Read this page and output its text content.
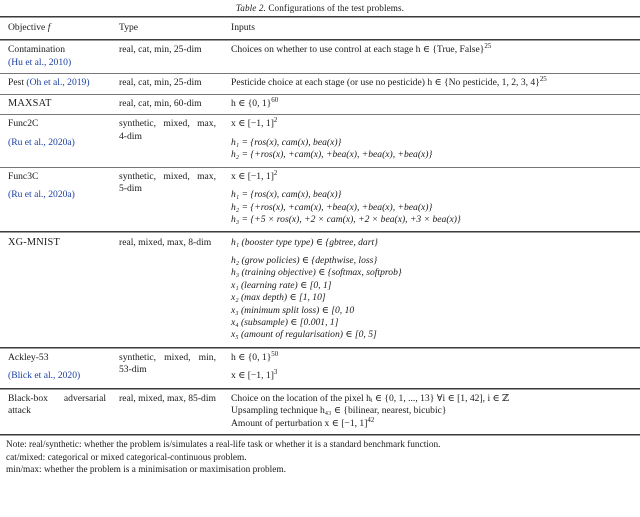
Table 2. Configurations of the test problems.
Objective f	Type	Inputs

Contamination
(Hu et al., 2010)	real, cat, min, 25-dim	Choices on whether to use control at each stage h ∈ {True, False}$^{25}$

Pest (Oh et al., 2019)	real, cat, min, 25-dim	Pesticide choice at each stage (or use no pesticide) h ∈ {No pesticide, 1, 2, 3, 4}$^{25}$

MAXSAT	real, cat, min, 60-dim	h ∈ {0, 1}$^{60}$

Func2C
(Ru et al., 2020a)	synthetic, mixed, max, 4-dim	x ∈ [−1, 1]$^2$
h₁ = {ros(x), cam(x), bea(x)}
h₂ = {+ros(x), +cam(x), +bea(x), +bea(x), +bea(x)}

Func3C
(Ru et al., 2020a)	synthetic, mixed, max, 5-dim	x ∈ [−1, 1]$^2$
h₁ = {ros(x), cam(x), bea(x)}
h₂ = {+ros(x), +cam(x), +bea(x), +bea(x), +bea(x)}
h₃ = {+5 × ros(x), +2 × cam(x), +2 × bea(x), +3 × bea(x)}

XG-MNIST	real, mixed, max, 8-dim	h₁ (booster type type) ∈ {gbtree, dart}
h₂ (grow policies) ∈ {depthwise, loss}
h₃ (training objective) ∈ {softmax, softprob}
x₁ (learning rate) ∈ [0, 1]
x₂ (max depth) ∈ [1, 10]
x₃ (minimum split loss) ∈ [0, 10
x₄ (subsample) ∈ [0.001, 1]
x₅ (amount of regularisation) ∈ [0, 5]

Ackley-53
(Blick et al., 2020)	synthetic, mixed, min, 53-dim	h ∈ {0, 1}$^{50}$
x ∈ [−1, 1]$^3$

Black-box adversarial attack	real, mixed, max, 85-dim	Choice on the location of the pixel hᵢ ∈ {0, 1, ..., 13} ∀i ∈ [1, 42], i ∈ ℤ
Upsampling technique h₄₃ ∈ {bilinear, nearest, bicubic}
Amount of perturbation x ∈ [−1, 1]$^{42}$
Note: real/synthetic: whether the problem is/simulates a real-life task or whether it is a standard benchmark function.
cat/mixed: categorical or mixed categorical-continuous problem.
min/max: whether the problem is a minimisation or maximisation problem.
